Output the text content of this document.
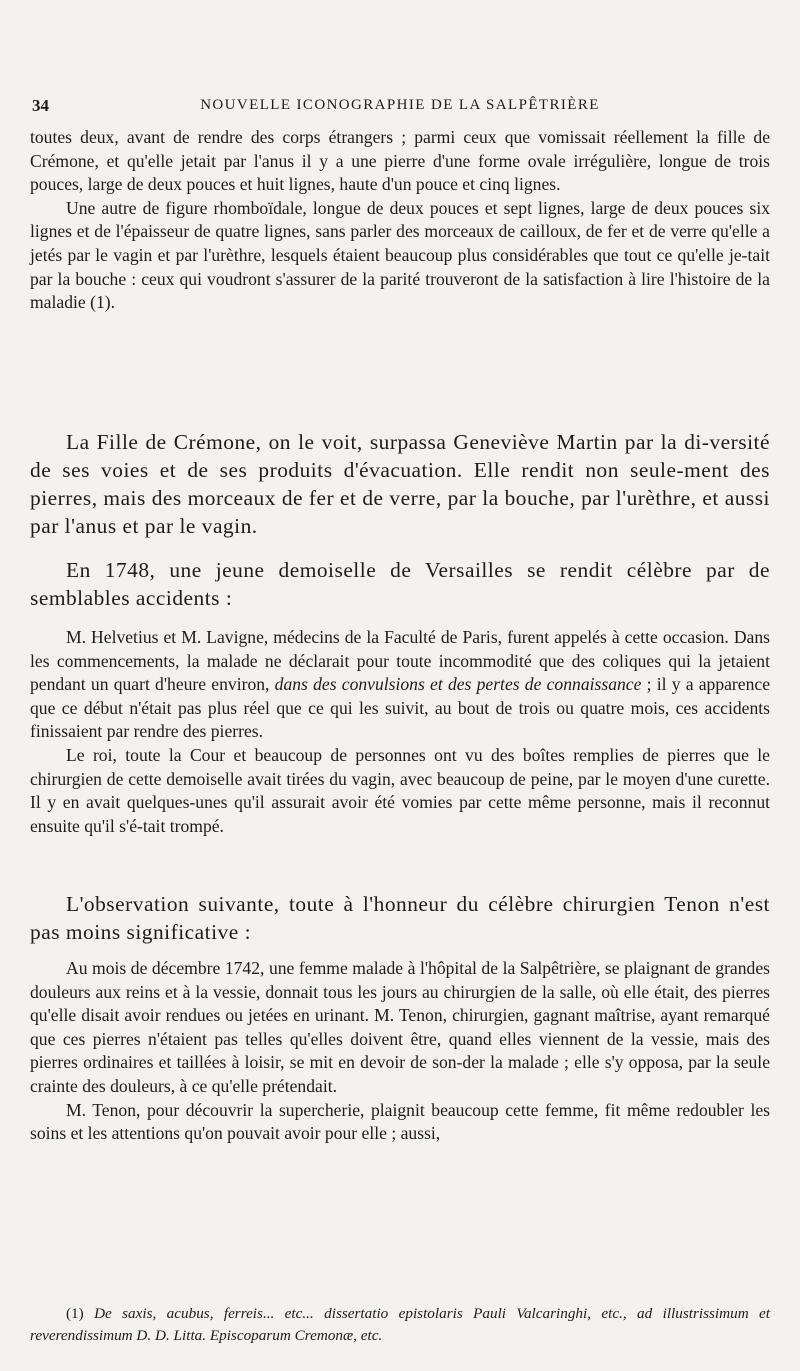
34	NOUVELLE ICONOGRAPHIE DE LA SALPÊTRIÈRE

toutes deux, avant de rendre des corps étrangers ; parmi ceux que vomissait réellement la fille de Crémone, et qu'elle jetait par l'anus il y a une pierre d'une forme ovale irrégulière, longue de trois pouces, large de deux pouces et huit lignes, haute d'un pouce et cinq lignes.

Une autre de figure rhomboïdale, longue de deux pouces et sept lignes, large de deux pouces six lignes et de l'épaisseur de quatre lignes, sans parler des morceaux de cailloux, de fer et de verre qu'elle a jetés par le vagin et par l'urèthre, lesquels étaient beaucoup plus considérables que tout ce qu'elle je-tait par la bouche : ceux qui voudront s'assurer de la parité trouveront de la satisfaction à lire l'histoire de la maladie (1).

La Fille de Crémone, on le voit, surpassa Geneviève Martin par la di-versité de ses voies et de ses produits d'évacuation. Elle rendit non seule-ment des pierres, mais des morceaux de fer et de verre, par la bouche, par l'urèthre, et aussi par l'anus et par le vagin.

En 1748, une jeune demoiselle de Versailles se rendit célèbre par de semblables accidents :

M. Helvetius et M. Lavigne, médecins de la Faculté de Paris, furent appelés à cette occasion. Dans les commencements, la malade ne déclarait pour toute incommodité que des coliques qui la jetaient pendant un quart d'heure environ, dans des convulsions et des pertes de connaissance ; il y a apparence que ce début n'était pas plus réel que ce qui les suivit, au bout de trois ou quatre mois, ces accidents finissaient par rendre des pierres.

Le roi, toute la Cour et beaucoup de personnes ont vu des boîtes remplies de pierres que le chirurgien de cette demoiselle avait tirées du vagin, avec beaucoup de peine, par le moyen d'une curette. Il y en avait quelques-unes qu'il assurait avoir été vomies par cette même personne, mais il reconnut ensuite qu'il s'é-tait trompé.

L'observation suivante, toute à l'honneur du célèbre chirurgien Tenon n'est pas moins significative :

Au mois de décembre 1742, une femme malade à l'hôpital de la Salpêtrière, se plaignant de grandes douleurs aux reins et à la vessie, donnait tous les jours au chirurgien de la salle, où elle était, des pierres qu'elle disait avoir rendues ou jetées en urinant. M. Tenon, chirurgien, gagnant maîtrise, ayant remarqué que ces pierres n'étaient pas telles qu'elles doivent être, quand elles viennent de la vessie, mais des pierres ordinaires et taillées à loisir, se mit en devoir de son-der la malade ; elle s'y opposa, par la seule crainte des douleurs, à ce qu'elle prétendait.

M. Tenon, pour découvrir la supercherie, plaignit beaucoup cette femme, fit même redoubler les soins et les attentions qu'on pouvait avoir pour elle ; aussi,

(1) De saxis, acubus, ferreis... etc... dissertatio epistolaris Pauli Valcaringhi, etc., ad illustrissimum et reverendissimum D. D. Litta. Episcoparum Cremonæ, etc.
